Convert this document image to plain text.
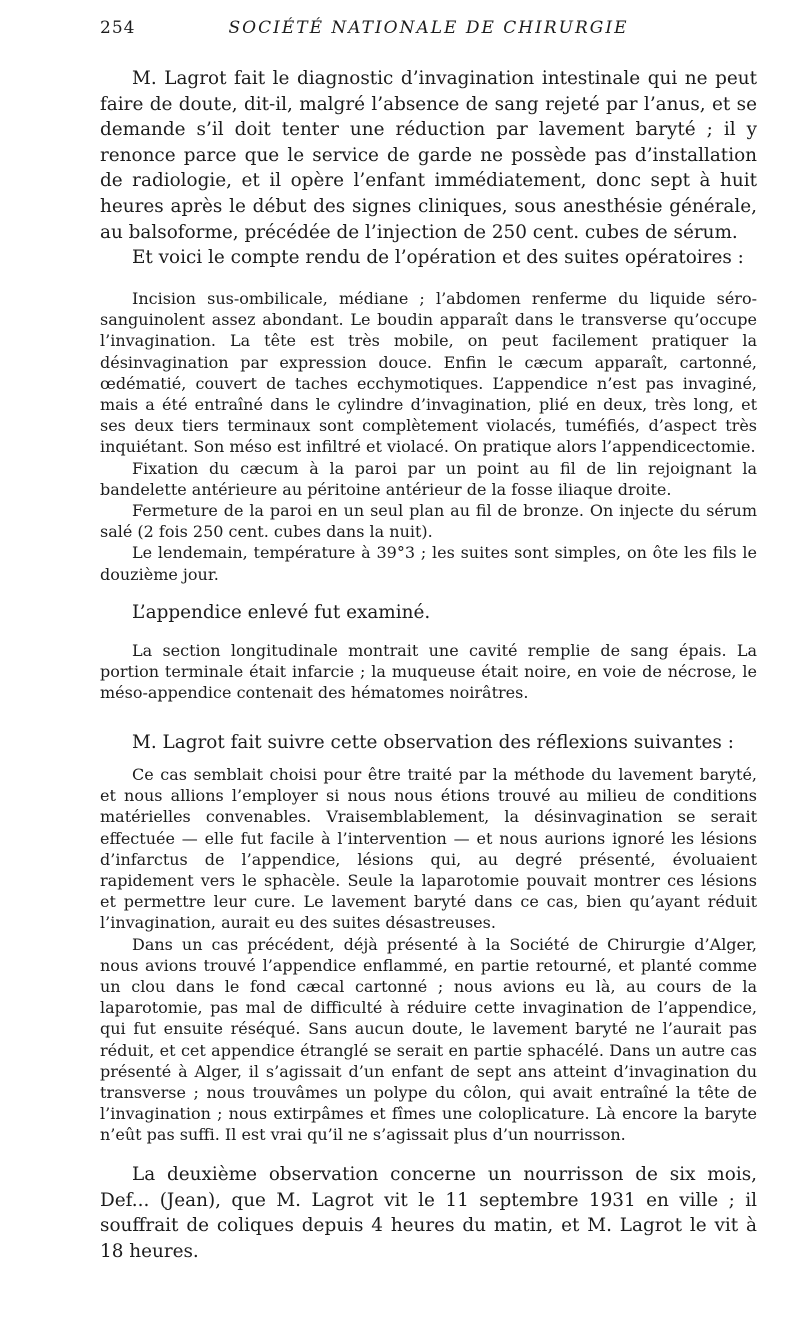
254	SOCIÉTÉ NATIONALE DE CHIRURGIE

M. Lagrot fait le diagnostic d’invagination intestinale qui ne peut faire de doute, dit-il, malgré l’absence de sang rejeté par l’anus, et se demande s’il doit tenter une réduction par lavement baryté ; il y renonce parce que le service de garde ne possède pas d’installation de radiologie, et il opère l’enfant immédiatement, donc sept à huit heures après le début des signes cliniques, sous anesthésie générale, au balsoforme, précédée de l’injection de 250 cent. cubes de sérum.

Et voici le compte rendu de l’opération et des suites opératoires :

Incision sus-ombilicale, médiane ; l’abdomen renferme du liquide séro-sanguinolent assez abondant. Le boudin apparaît dans le transverse qu’occupe l’invagination. La tête est très mobile, on peut facilement pratiquer la désinvagination par expression douce. Enfin le cæcum apparaît, cartonné, œdématié, couvert de taches ecchymotiques. L’appendice n’est pas invaginé, mais a été entraîné dans le cylindre d’invagination, plié en deux, très long, et ses deux tiers terminaux sont complètement violacés, tuméfiés, d’aspect très inquiétant. Son méso est infiltré et violacé. On pratique alors l’appendicectomie.

Fixation du cæcum à la paroi par un point au fil de lin rejoignant la bandelette antérieure au péritoine antérieur de la fosse iliaque droite.

Fermeture de la paroi en un seul plan au fil de bronze. On injecte du sérum salé (2 fois 250 cent. cubes dans la nuit).

Le lendemain, température à 39°3 ; les suites sont simples, on ôte les fils le douzième jour.

L’appendice enlevé fut examiné.

La section longitudinale montrait une cavité remplie de sang épais. La portion terminale était infarcie ; la muqueuse était noire, en voie de nécrose, le méso-appendice contenait des hématomes noirâtres.

M. Lagrot fait suivre cette observation des réflexions suivantes :

Ce cas semblait choisi pour être traité par la méthode du lavement baryté, et nous allions l’employer si nous nous étions trouvé au milieu de conditions matérielles convenables. Vraisemblablement, la désinvagination se serait effectuée — elle fut facile à l’intervention — et nous aurions ignoré les lésions d’infarctus de l’appendice, lésions qui, au degré présenté, évoluaient rapidement vers le sphacèle. Seule la laparotomie pouvait montrer ces lésions et permettre leur cure. Le lavement baryté dans ce cas, bien qu’ayant réduit l’invagination, aurait eu des suites désastreuses.

Dans un cas précédent, déjà présenté à la Société de Chirurgie d’Alger, nous avions trouvé l’appendice enflammé, en partie retourné, et planté comme un clou dans le fond cæcal cartonné ; nous avions eu là, au cours de la laparotomie, pas mal de difficulté à réduire cette invagination de l’appendice, qui fut ensuite réséqué. Sans aucun doute, le lavement baryté ne l’aurait pas réduit, et cet appendice étranglé se serait en partie sphacélé. Dans un autre cas présenté à Alger, il s’agissait d’un enfant de sept ans atteint d’invagination du transverse ; nous trouvâmes un polype du côlon, qui avait entraîné la tête de l’invagination ; nous extirpâmes et fîmes une coloplicature. Là encore la baryte n’eût pas suffi. Il est vrai qu’il ne s’agissait plus d’un nourrisson.

La deuxième observation concerne un nourrisson de six mois, Def... (Jean), que M. Lagrot vit le 11 septembre 1931 en ville ; il souffrait de coliques depuis 4 heures du matin, et M. Lagrot le vit à 18 heures.
